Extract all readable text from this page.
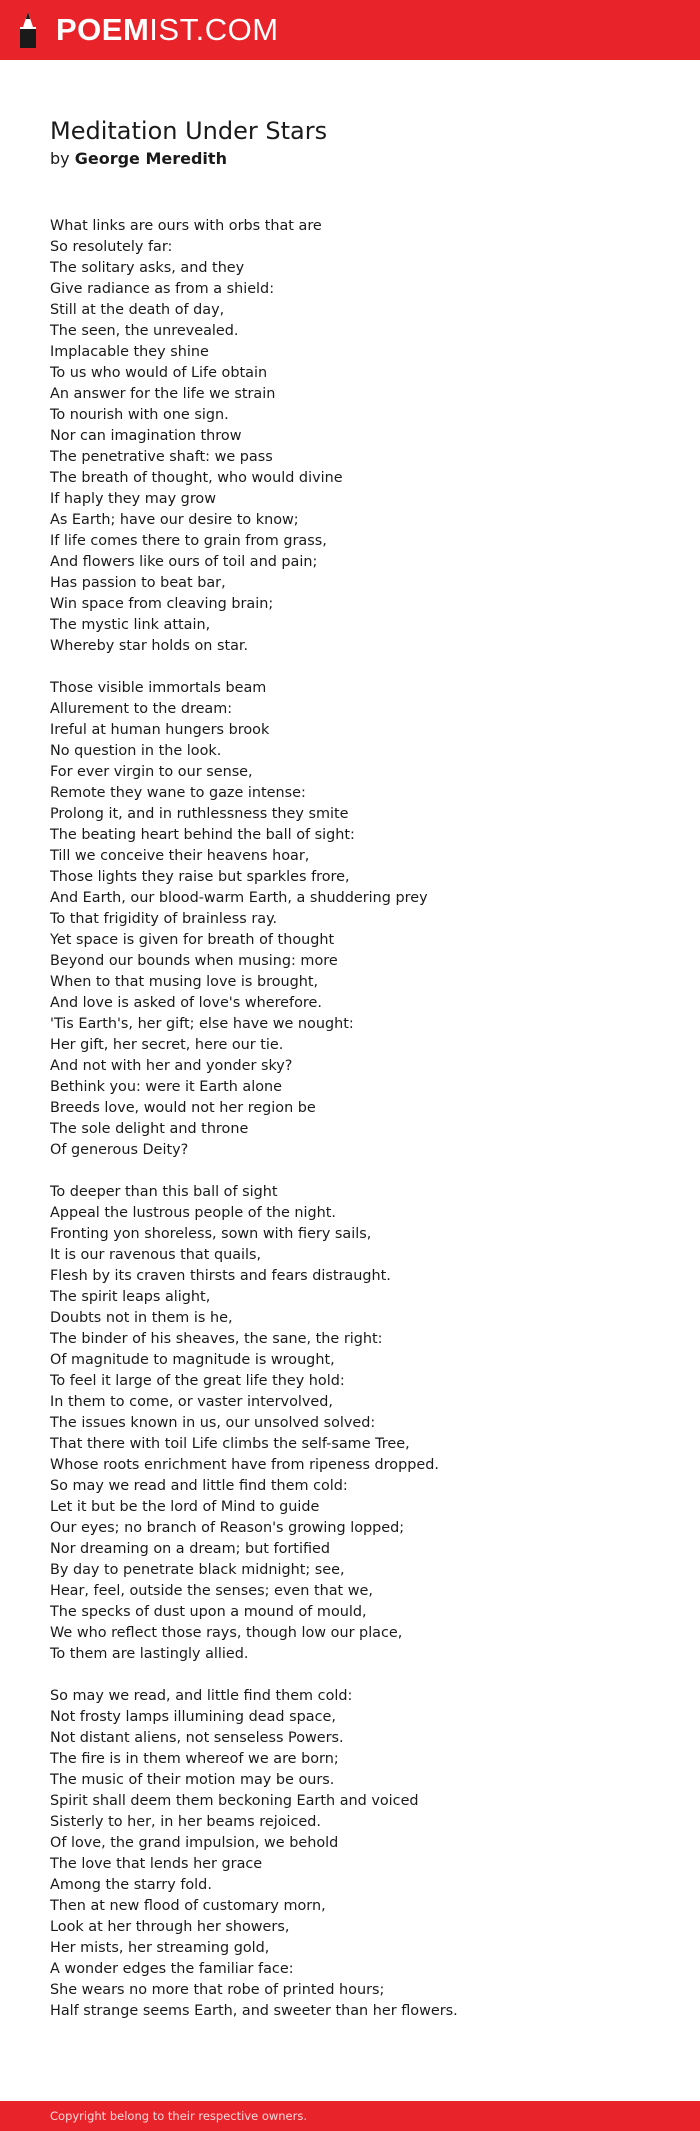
POEMIST.COM
Meditation Under Stars
by George Meredith
What links are ours with orbs that are
So resolutely far:
The solitary asks, and they
Give radiance as from a shield:
Still at the death of day,
The seen, the unrevealed.
Implacable they shine
To us who would of Life obtain
An answer for the life we strain
To nourish with one sign.
Nor can imagination throw
The penetrative shaft: we pass
The breath of thought, who would divine
If haply they may grow
As Earth; have our desire to know;
If life comes there to grain from grass,
And flowers like ours of toil and pain;
Has passion to beat bar,
Win space from cleaving brain;
The mystic link attain,
Whereby star holds on star.
Those visible immortals beam
Allurement to the dream:
Ireful at human hungers brook
No question in the look.
For ever virgin to our sense,
Remote they wane to gaze intense:
Prolong it, and in ruthlessness they smite
The beating heart behind the ball of sight:
Till we conceive their heavens hoar,
Those lights they raise but sparkles frore,
And Earth, our blood-warm Earth, a shuddering prey
To that frigidity of brainless ray.
Yet space is given for breath of thought
Beyond our bounds when musing: more
When to that musing love is brought,
And love is asked of love's wherefore.
'Tis Earth's, her gift; else have we nought:
Her gift, her secret, here our tie.
And not with her and yonder sky?
Bethink you: were it Earth alone
Breeds love, would not her region be
The sole delight and throne
Of generous Deity?
To deeper than this ball of sight
Appeal the lustrous people of the night.
Fronting yon shoreless, sown with fiery sails,
It is our ravenous that quails,
Flesh by its craven thirsts and fears distraught.
The spirit leaps alight,
Doubts not in them is he,
The binder of his sheaves, the sane, the right:
Of magnitude to magnitude is wrought,
To feel it large of the great life they hold:
In them to come, or vaster intervolved,
The issues known in us, our unsolved solved:
That there with toil Life climbs the self-same Tree,
Whose roots enrichment have from ripeness dropped.
So may we read and little find them cold:
Let it but be the lord of Mind to guide
Our eyes; no branch of Reason's growing lopped;
Nor dreaming on a dream; but fortified
By day to penetrate black midnight; see,
Hear, feel, outside the senses; even that we,
The specks of dust upon a mound of mould,
We who reflect those rays, though low our place,
To them are lastingly allied.
So may we read, and little find them cold:
Not frosty lamps illumining dead space,
Not distant aliens, not senseless Powers.
The fire is in them whereof we are born;
The music of their motion may be ours.
Spirit shall deem them beckoning Earth and voiced
Sisterly to her, in her beams rejoiced.
Of love, the grand impulsion, we behold
The love that lends her grace
Among the starry fold.
Then at new flood of customary morn,
Look at her through her showers,
Her mists, her streaming gold,
A wonder edges the familiar face:
She wears no more that robe of printed hours;
Half strange seems Earth, and sweeter than her flowers.
Copyright belong to their respective owners.
